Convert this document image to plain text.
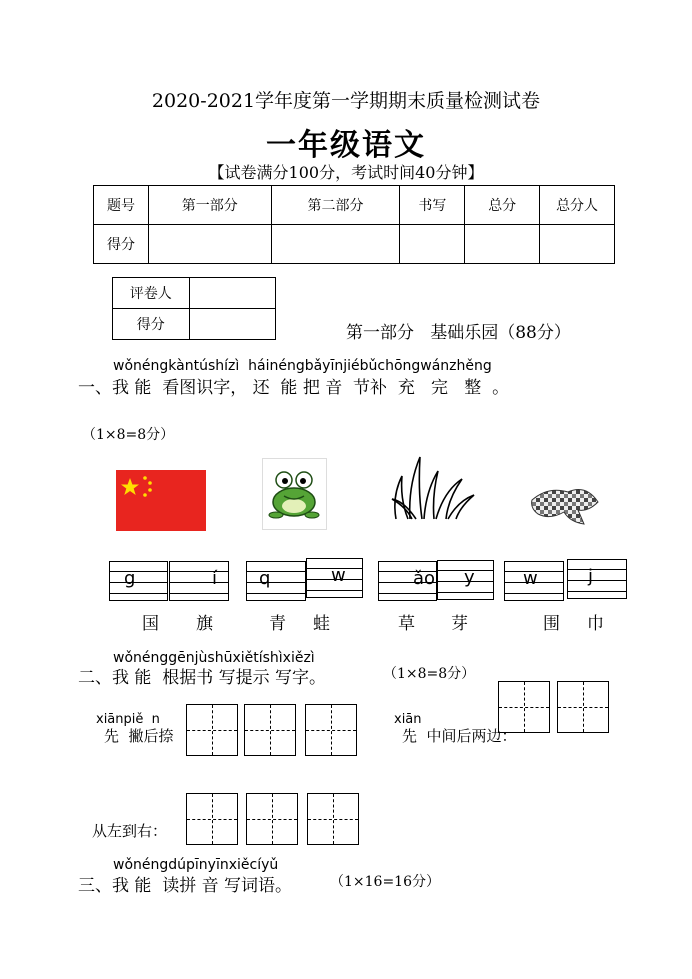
2020-2021学年度第一学期期末质量检测试卷
一年级语文
【试卷满分100分，考试时间40分钟】
题号	第一部分	第二部分	书写	总分	总分人
得分					
评卷人	
得分		第一部分   基础乐园（88分）
wǒnéngkàntúshízì  háinéngbǎyīnjiébǔchōngwánzhěng
一、我 能  看图识字， 还  能 把 音  节补  充   完   整  。
（1×8=8分）
g	í q	w	ǎo y	w	j
国 旗	青 蛙	草 芽	围 巾
wǒnénggēnjùshūxiětíshìxiězì
二、我 能  根据书 写提示 写字。	（1×8=8分）
xiānpiě  n
先  撇后捺
xiān
先  中间后两边：
从左到右：
wǒnéngdúpīnyīnxiěcíyǔ
三、我 能  读拼 音 写词语。	（1×16=16分）
